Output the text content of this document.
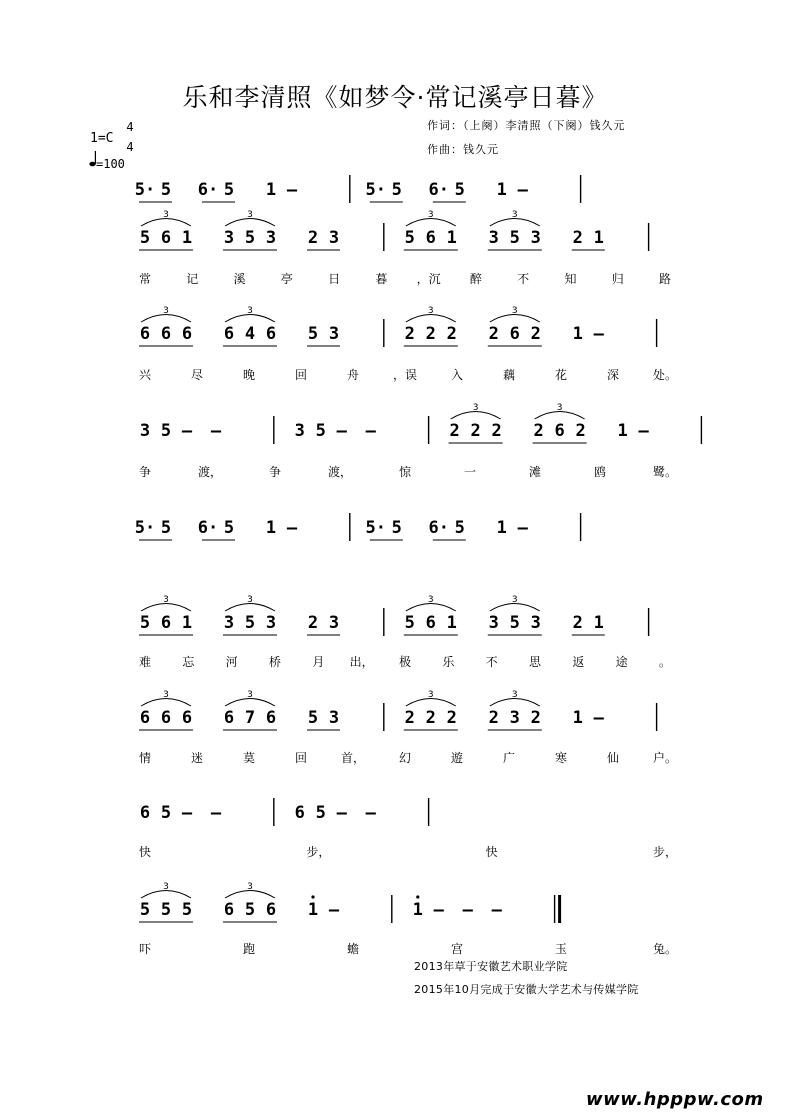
乐和李清照《如梦令·常记溪亭日暮》
作词：（上阕）李清照（下阕）钱久元
作曲：钱久元
1=C
4
4
=100
5· 5 6· 5 1 –	5· 5 6· 5 1 –
5 6 1
3
3 5 3
3
2 3	5 6 1
3
3 5 3
3
2 1
常	记	溪	亭	日	暮 ，沉 醉	不	知	归	路
6 6 6
3
6 4 6
3
5 3	2 2 2
3
2 6 2
3
1 –
兴	尽	晚	回	舟	，误	入	藕	花	深	处。
3 5 – –	3 5 – –	2 2 2
3
2 6 2
3
1 –
争	渡，	争	渡，	惊	一	滩	鸥	鹭。
5· 5 6· 5 1 –	5· 5 6· 5 1 –
5 6 1
3
3 5 3
3
2 3	5 6 1
3
3 5 3
3
2 1
难	忘	河	桥	月 出， 极	乐	不	思	返	途	。
6 6 6
3
6 7 6
3
5 3	2 2 2
3
2 3 2
3
1 –
情	迷	莫	回	首，	幻	遊	广	寒	仙	户。
6 5 – –	6 5 – –
快	步，	快	步，
5 5 5
3
6 5 6
3
1 –	1 – – –
吓	跑	蟾	宫	玉	兔。
2013年草于安徽艺术职业学院
2015年10月完成于安徽大学艺术与传媒学院
www.hpppw.com
